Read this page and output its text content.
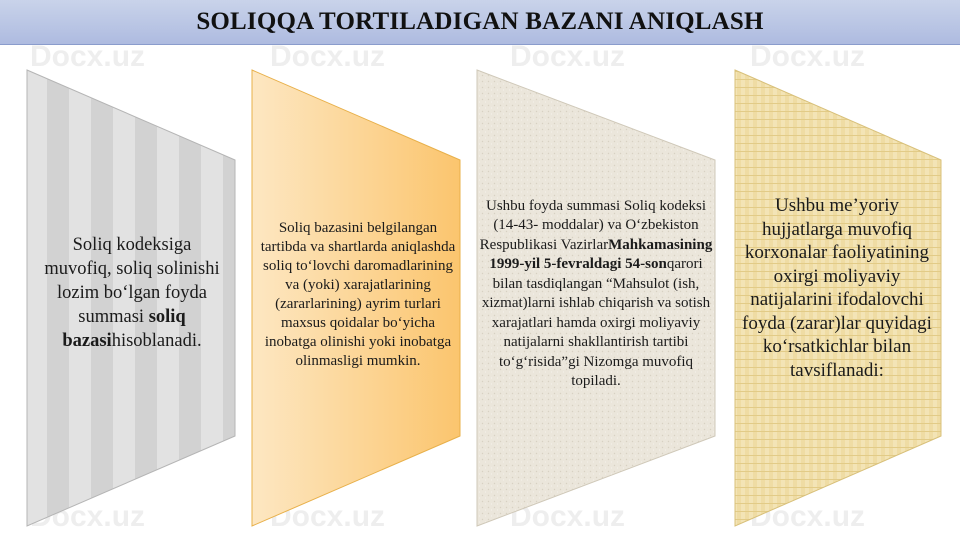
Docx.uz	Docx.uz	Docx.uz	Docx.uz
Docx.uz	Docx.uz	Docx.uz	Docx.uz
SOLIQQA TORTILADIGAN BAZANI ANIQLASH
Soliq kodeksiga muvofiq, soliq solinishi lozim bo‘lgan foyda summasi soliq bazasihisoblanadi.
Soliq bazasini belgilangan tartibda va shartlarda aniqlashda soliq to‘lovchi daromadlarining va (yoki) xarajatlarining (zararlarining) ayrim turlari maxsus qoidalar bo‘yicha inobatga olinishi yoki inobatga olinmasligi mumkin.
Ushbu foyda summasi Soliq kodeksi (14-43- moddalar) va O‘zbekiston Respublikasi VazirlarMahkamasining 1999-yil 5-fevraldagi 54-sonqarori bilan tasdiqlangan “Mahsulot (ish, xizmat)larni ishlab chiqarish va sotish xarajatlari hamda oxirgi moliyaviy natijalarni shakllantirish tartibi to‘g‘risida”gi Nizomga muvofiq topiladi.
Ushbu me’yoriy hujjatlarga muvofiq korxonalar faoliyatining oxirgi moliyaviy natijalarini ifodalovchi foyda (zarar)lar quyidagi ko‘rsatkichlar bilan tavsiflanadi:
